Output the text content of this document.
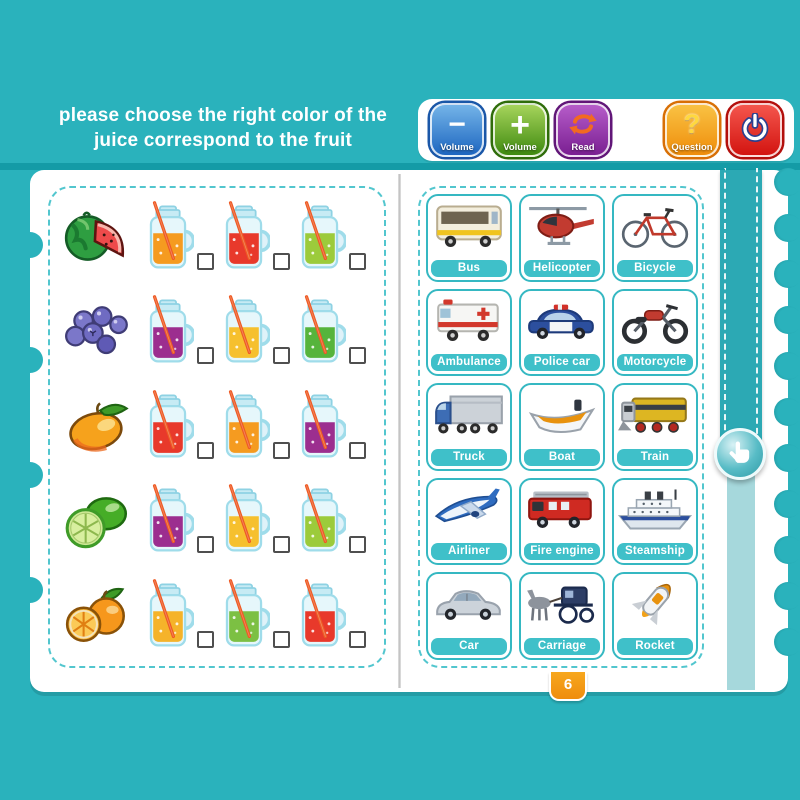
please choose the right color of the
juice correspond to the fruit	−
Volume
+
Volume	Read
?
Question
Bus	Helicopter	Bicycle
Ambulance	Police car	Motorcycle
Truck	Boat	Train
Airliner	Fire engine	Steamship
Car	Carriage	Rocket
6
